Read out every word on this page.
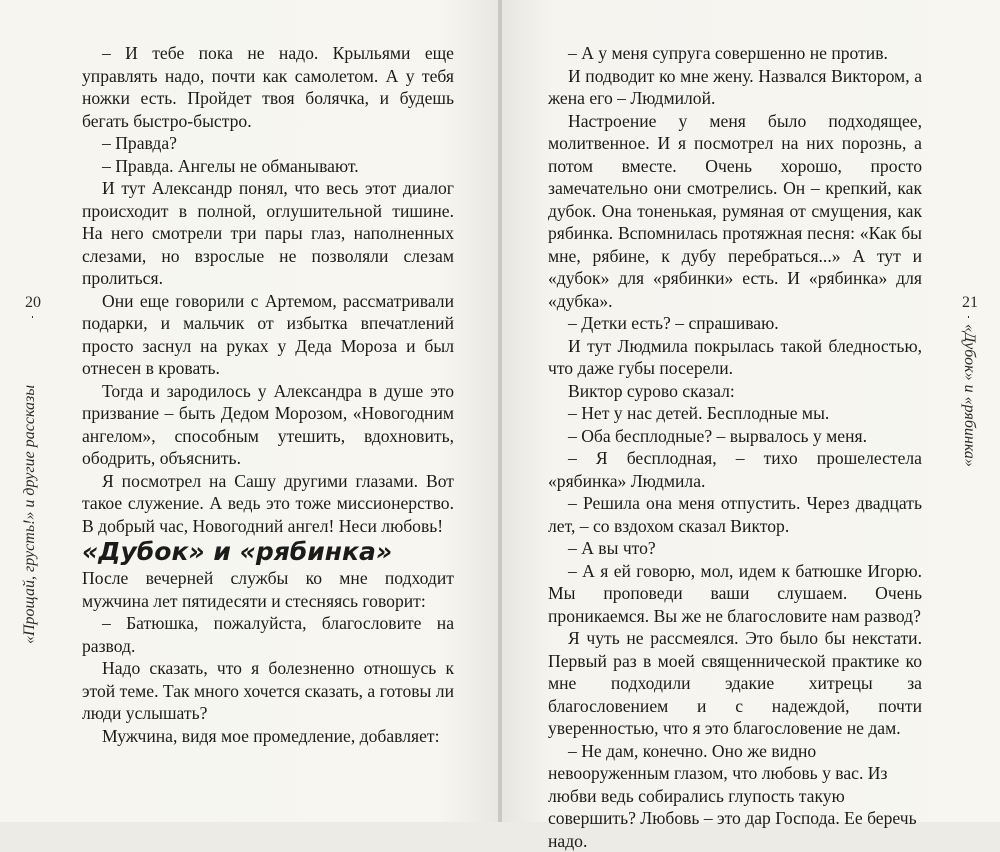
20
«Прощай, грусть!» и другие рассказы

– И тебе пока не надо. Крыльями еще управлять надо, почти как самолетом. А у тебя ножки есть. Пройдет твоя болячка, и будешь бегать быстро-быстро.

– Правда?

– Правда. Ангелы не обманывают.

И тут Александр понял, что весь этот диалог происходит в полной, оглушительной тишине. На него смотрели три пары глаз, наполненных слезами, но взрослые не позволяли слезам пролиться.

Они еще говорили с Артемом, рассматривали подарки, и мальчик от избытка впечатлений просто заснул на руках у Деда Мороза и был отнесен в кровать.

Тогда и зародилось у Александра в душе это призвание – быть Дедом Морозом, «Новогодним ангелом», способным утешить, вдохновить, ободрить, объяснить.

Я посмотрел на Сашу другими глазами. Вот такое служение. А ведь это тоже миссионерство. В добрый час, Новогодний ангел! Неси любовь!

«Дубок» и «рябинка»

После вечерней службы ко мне подходит мужчина лет пятидесяти и стесняясь говорит:

– Батюшка, пожалуйста, благословите на развод.

Надо сказать, что я болезненно отношусь к этой теме. Так много хочется сказать, а готовы ли люди услышать?

Мужчина, видя мое промедление, добавляет:

21
«Дубок» и «рябинка»

– А у меня супруга совершенно не против.

И подводит ко мне жену. Назвался Виктором, а жена его – Людмилой.

Настроение у меня было подходящее, молитвенное. И я посмотрел на них порознь, а потом вместе. Очень хорошо, просто замечательно они смотрелись. Он – крепкий, как дубок. Она тоненькая, румяная от смущения, как рябинка. Вспомнилась протяжная песня: «Как бы мне, рябине, к дубу перебраться...» А тут и «дубок» для «рябинки» есть. И «рябинка» для «дубка».

– Детки есть? – спрашиваю.

И тут Людмила покрылась такой бледностью, что даже губы посерели.

Виктор сурово сказал:

– Нет у нас детей. Бесплодные мы.

– Оба бесплодные? – вырвалось у меня.

– Я бесплодная, – тихо прошелестела «рябинка» Людмила.

– Решила она меня отпустить. Через двадцать лет, – со вздохом сказал Виктор.

– А вы что?

– А я ей говорю, мол, идем к батюшке Игорю. Мы проповеди ваши слушаем. Очень проникаемся. Вы же не благословите нам развод?

Я чуть не рассмеялся. Это было бы некстати. Первый раз в моей священнической практике ко мне подходили эдакие хитрецы за благословением и с надеждой, почти уверенностью, что я это благословение не дам.

– Не дам, конечно. Оно же видно невооруженным глазом, что любовь у вас. Из любви ведь собирались глупость такую совершить? Любовь – это дар Господа. Ее беречь надо.
